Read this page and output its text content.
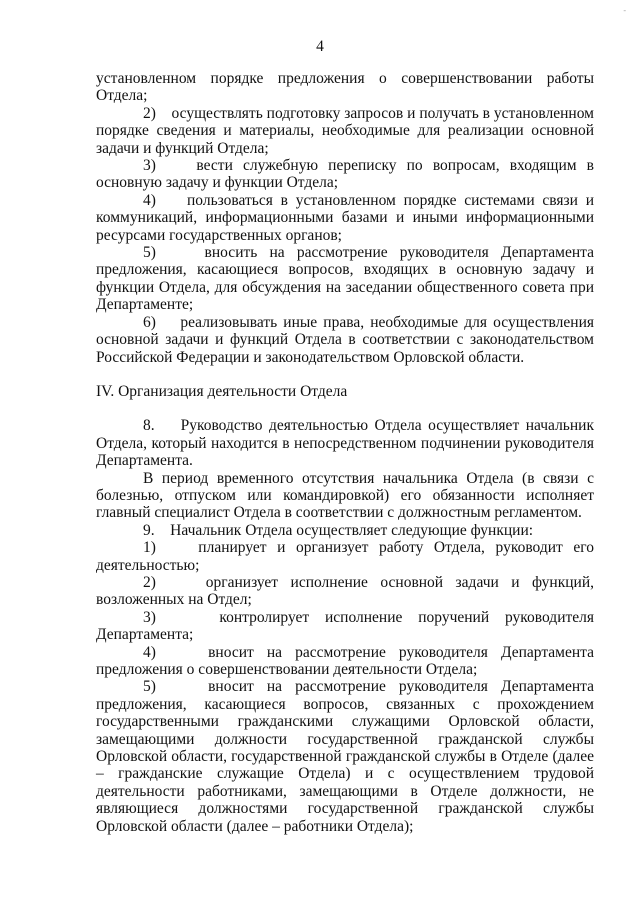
-
4

установленном порядке предложения о совершенствовании работы Отдела;

2)    осуществлять подготовку запросов и получать в установленном порядке сведения и материалы, необходимые для реализации основной задачи и функций Отдела;

3)    вести служебную переписку по вопросам, входящим в основную задачу и функции Отдела;

4)    пользоваться в установленном порядке системами связи и коммуникаций, информационными базами и иными информационными ресурсами государственных органов;

5)    вносить на рассмотрение руководителя Департамента предложения, касающиеся вопросов, входящих в основную задачу и функции Отдела, для обсуждения на заседании общественного совета при Департаменте;

6)    реализовывать иные права, необходимые для осуществления основной задачи и функций Отдела в соответствии с законодательством Российской Федерации и законодательством Орловской области.

IV. Организация деятельности Отдела

8.    Руководство деятельностью Отдела осуществляет начальник Отдела, который находится в непосредственном подчинении руководителя Департамента.

В период временного отсутствия начальника Отдела (в связи с болезнью, отпуском или командировкой) его обязанности исполняет главный специалист Отдела в соответствии с должностным регламентом.

9.    Начальник Отдела осуществляет следующие функции:

1)    планирует и организует работу Отдела, руководит его деятельностью;

2)    организует исполнение основной задачи и функций, возложенных на Отдел;

3)    контролирует исполнение поручений руководителя Департамента;

4)    вносит на рассмотрение руководителя Департамента предложения о совершенствовании деятельности Отдела;

5)    вносит на рассмотрение руководителя Департамента предложения, касающиеся вопросов, связанных с прохождением государственными гражданскими служащими Орловской области, замещающими должности государственной гражданской службы Орловской области, государственной гражданской службы в Отделе (далее – гражданские служащие Отдела) и с осуществлением трудовой деятельности работниками, замещающими в Отделе должности, не являющиеся должностями государственной гражданской службы Орловской области (далее – работники Отдела);
